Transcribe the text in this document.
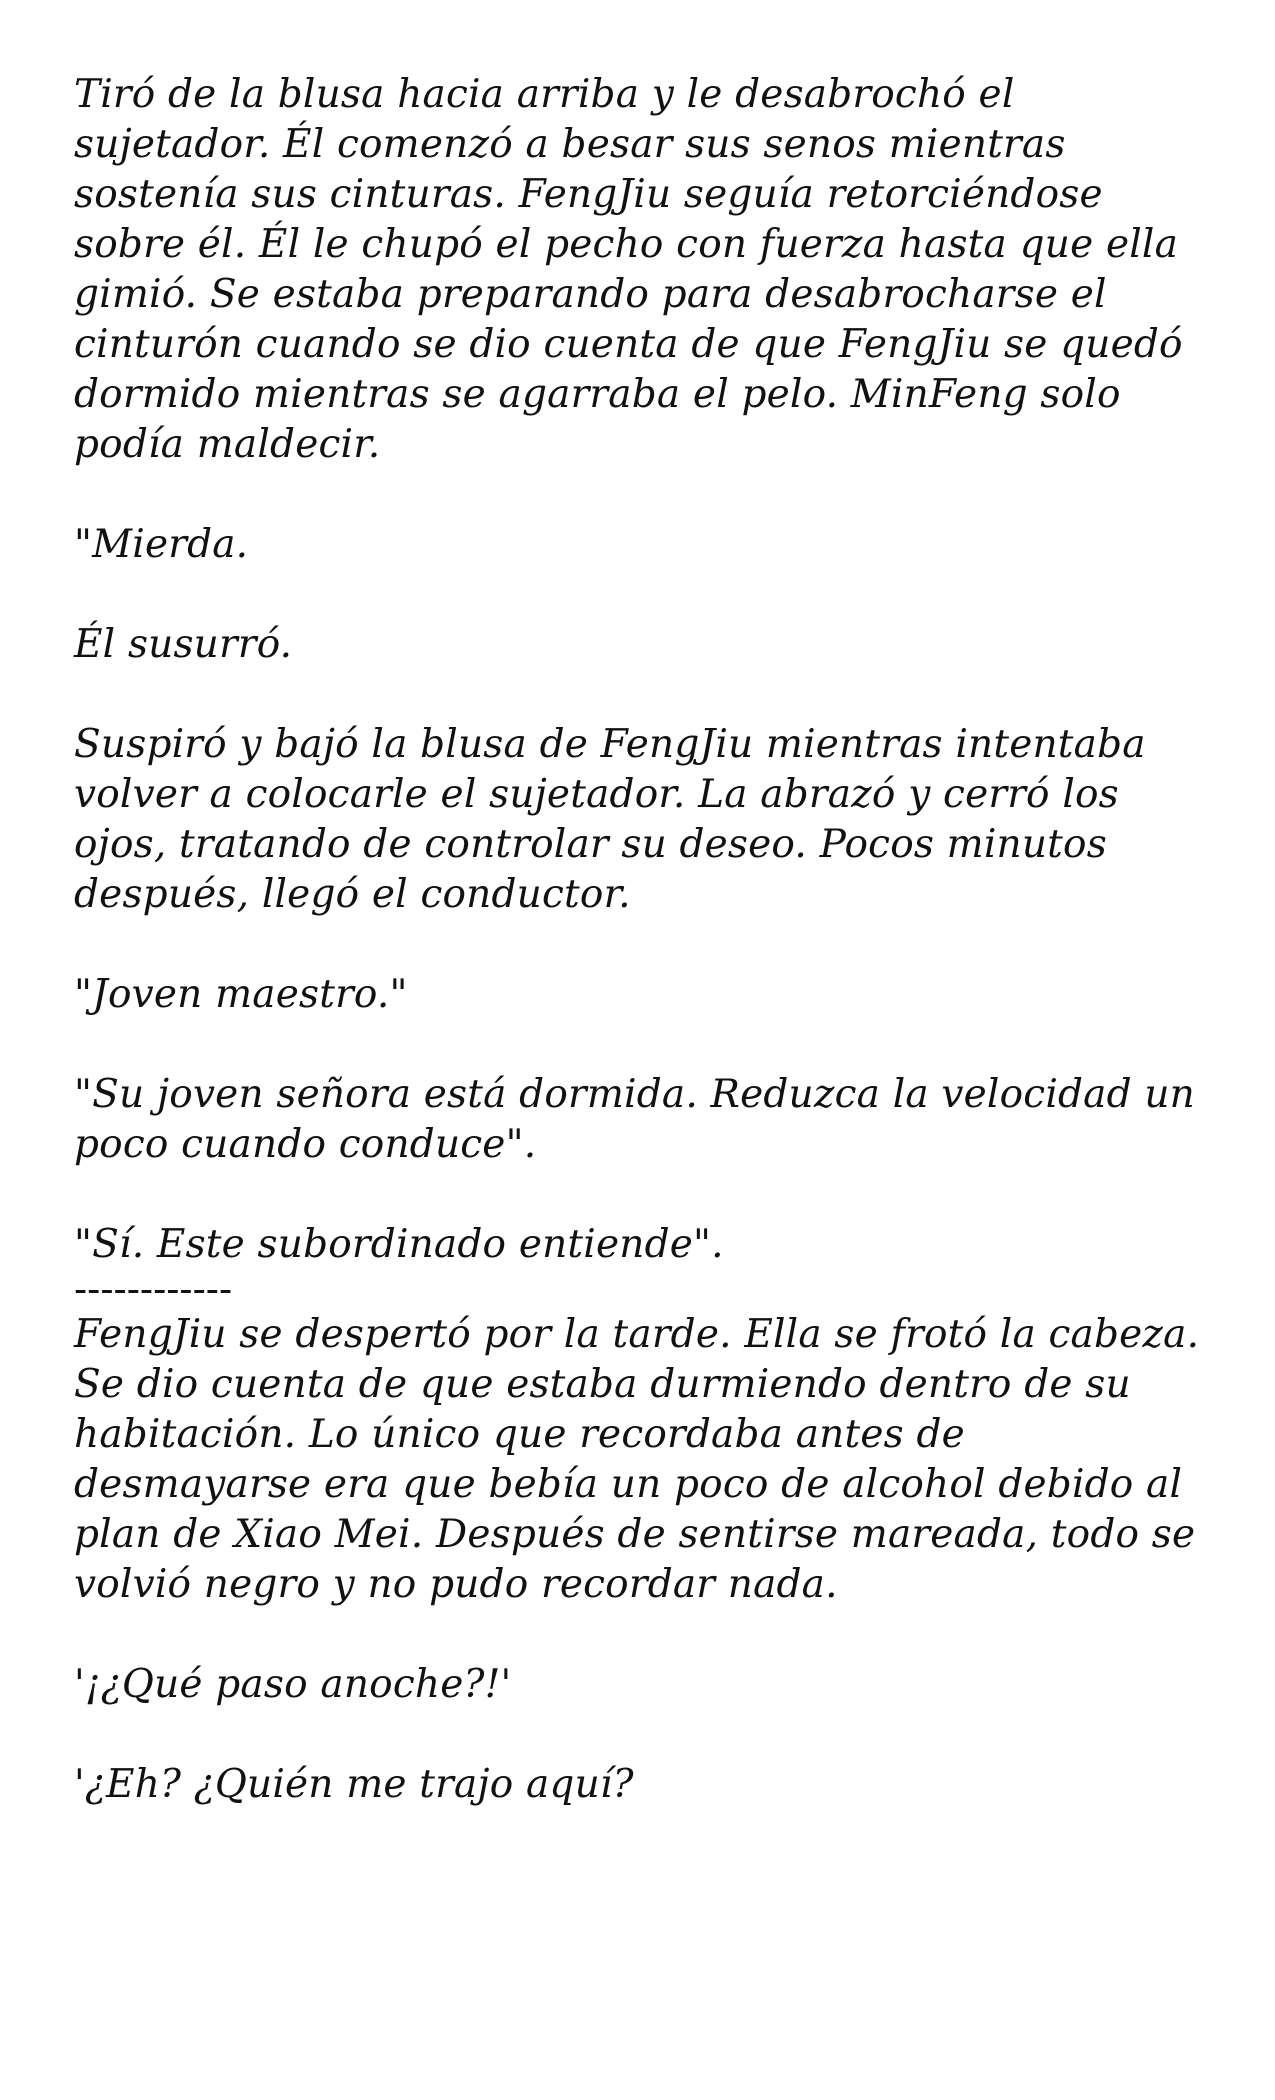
Tiró de la blusa hacia arriba y le desabrochó el sujetador. Él comenzó a besar sus senos mientras sostenía sus cinturas. FengJiu seguía retorciéndose sobre él. Él le chupó el pecho con fuerza hasta que ella gimió. Se estaba preparando para desabrocharse el cinturón cuando se dio cuenta de que FengJiu se quedó dormido mientras se agarraba el pelo. MinFeng solo podía maldecir.

"Mierda.

Él susurró.

Suspiró y bajó la blusa de FengJiu mientras intentaba volver a colocarle el sujetador. La abrazó y cerró los ojos, tratando de controlar su deseo. Pocos minutos después, llegó el conductor.

"Joven maestro."

"Su joven señora está dormida. Reduzca la velocidad un poco cuando conduce".

"Sí. Este subordinado entiende".

------------

FengJiu se despertó por la tarde. Ella se frotó la cabeza. Se dio cuenta de que estaba durmiendo dentro de su habitación. Lo único que recordaba antes de desmayarse era que bebía un poco de alcohol debido al plan de Xiao Mei. Después de sentirse mareada, todo se volvió negro y no pudo recordar nada.

'¡¿Qué paso anoche?!'

'¿Eh? ¿Quién me trajo aquí?
